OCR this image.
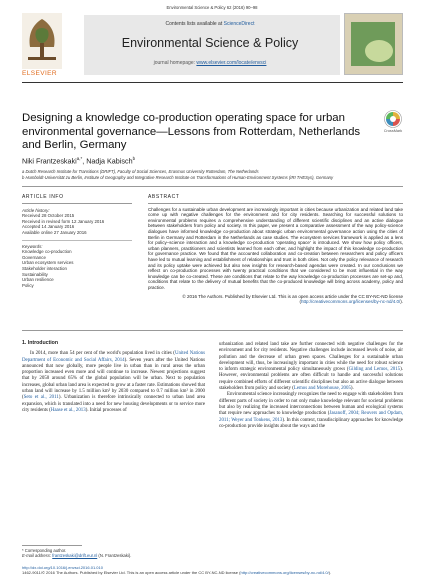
Environmental Science & Policy 62 (2016) 90–98
ELSEVIER
Contents lists available at ScienceDirect
Environmental Science & Policy
journal homepage: www.elsevier.com/locate/envsci
Designing a knowledge co-production operating space for urban environmental governance—Lessons from Rotterdam, Netherlands and Berlin, Germany
CrossMark
Niki Frantzeskaki$^{a,*}$, Nadja Kabisch$^b$
a Dutch Research Institute for Transitions (DRIFT), Faculty of Social Sciences, Erasmus University Rotterdam, The Netherlands
b Humboldt-Universität zu Berlin, Institute of Geography and Integrative Research Institute on Transformations of Human-Environment Systems (IRI THESys), Germany
ARTICLE INFO
Article history:
Received 28 October 2015
Received in revised form 12 January 2016
Accepted 14 January 2016
Available online 27 January 2016
Keywords:
Knowledge co-production
Governance
Urban ecosystem services
Stakeholder interaction
Sustainability
Urban resilience
Policy
ABSTRACT

Challenges for a sustainable urban development are increasingly important in cities because urbanization and related land take come up with negative challenges for the environment and for city residents. Searching for successful solutions to environmental problems requires a comprehensive understanding of different scientific disciplines and an active dialogue between stakeholders from policy and society. In this paper, we present a comparative assessment of the way policy-science dialogues have informed knowledge co-production about strategic urban environmental governance action using the cities of Berlin in Germany and Rotterdam in the Netherlands as case studies. The ecosystem services framework is applied as a lens for policy–science interaction and a knowledge co-production 'operating space' is introduced. We show how policy officers, urban planners, practitioners and scientists learned from each other, and highlight the impact of this knowledge co-production for governance practice. We found that the accounted collaboration and co-creation between researchers and policy officers have led to mutual learning and establishment of relationships and trust in both cities. Not only the policy relevance of research and its policy uptake were achieved but also new insights for research-based agendas were created. In our conclusions we reflect on co-production processes with twenty practical conditions that we considered to be most influential in the way knowledge can be co-created. These are conditions that relate to the way knowledge co-production processes are set-up and, conditions that relate to the delivery of mutual benefits that the co-produced knowledge will bring across academy, policy and practice.

© 2016 The Authors. Published by Elsevier Ltd. This is an open access article under the CC BY-NC-ND license (http://creativecommons.org/licenses/by-nc-nd/4.0/).

1. Introduction

In 2014, more than 54 per cent of the world's population lived in cities (United Nations Department of Economic and Social Affairs, 2014). Seven years after the United Nations announced that now globally, more people live in urban than in rural areas the urban proportion increased even more and will continue to increase. Newest projections suggest that by 2050 around 65% of the global population will be urban. Next to population increases, global urban land area is expected to grow at a faster rate. Estimations showed that urban land will increase by 1.5 million km² by 2030 compared to 0.7 million km² in 2000 (Seto et al., 2011). Urbanization is therefore intrinsically connected to urban land area expansion, which is translated into a need for new housing developments or to service more city residents (Haase et al., 2013). Initial processes of

urbanization and related land take are further connected with negative challenges for the environment and for city residents. Negative challenges include increased levels of noise, air pollution and the decrease of urban green spaces. Challenges for a sustainable urban development will, thus, be increasingly important in cities while the need for robust science to inform strategic environmental policy simultaneously grows (Gilding and Lemos, 2015). However, environmental problems are often difficult to handle and successful solutions require combined efforts of different scientific disciplines but also an active dialogue between stakeholders from policy and society (Lemos and Morehouse, 2005).

Environmental science increasingly recognizes the need to engage with stakeholders from different parts of society in order to not only make knowledge relevant for societal problems but also by realizing the increased interconnections between human and ecological systems that require new approaches to knowledge production (Jasanoff, 2004; Reuvers and Opdam, 2011; Weyer and Tonkens, 2013). In this context, transdisciplinary approaches for knowledge co-production provide insights about the ways and the

* Corresponding author.
E-mail address: frantzeskaki@drift.eur.nl (N. Frantzeskaki).
http://dx.doi.org/10.1016/j.envsci.2016.01.010
1462-9011/© 2016 The Authors. Published by Elsevier Ltd. This is an open access article under the CC BY-NC-ND license (http://creativecommons.org/licenses/by-nc-nd/4.0/).
